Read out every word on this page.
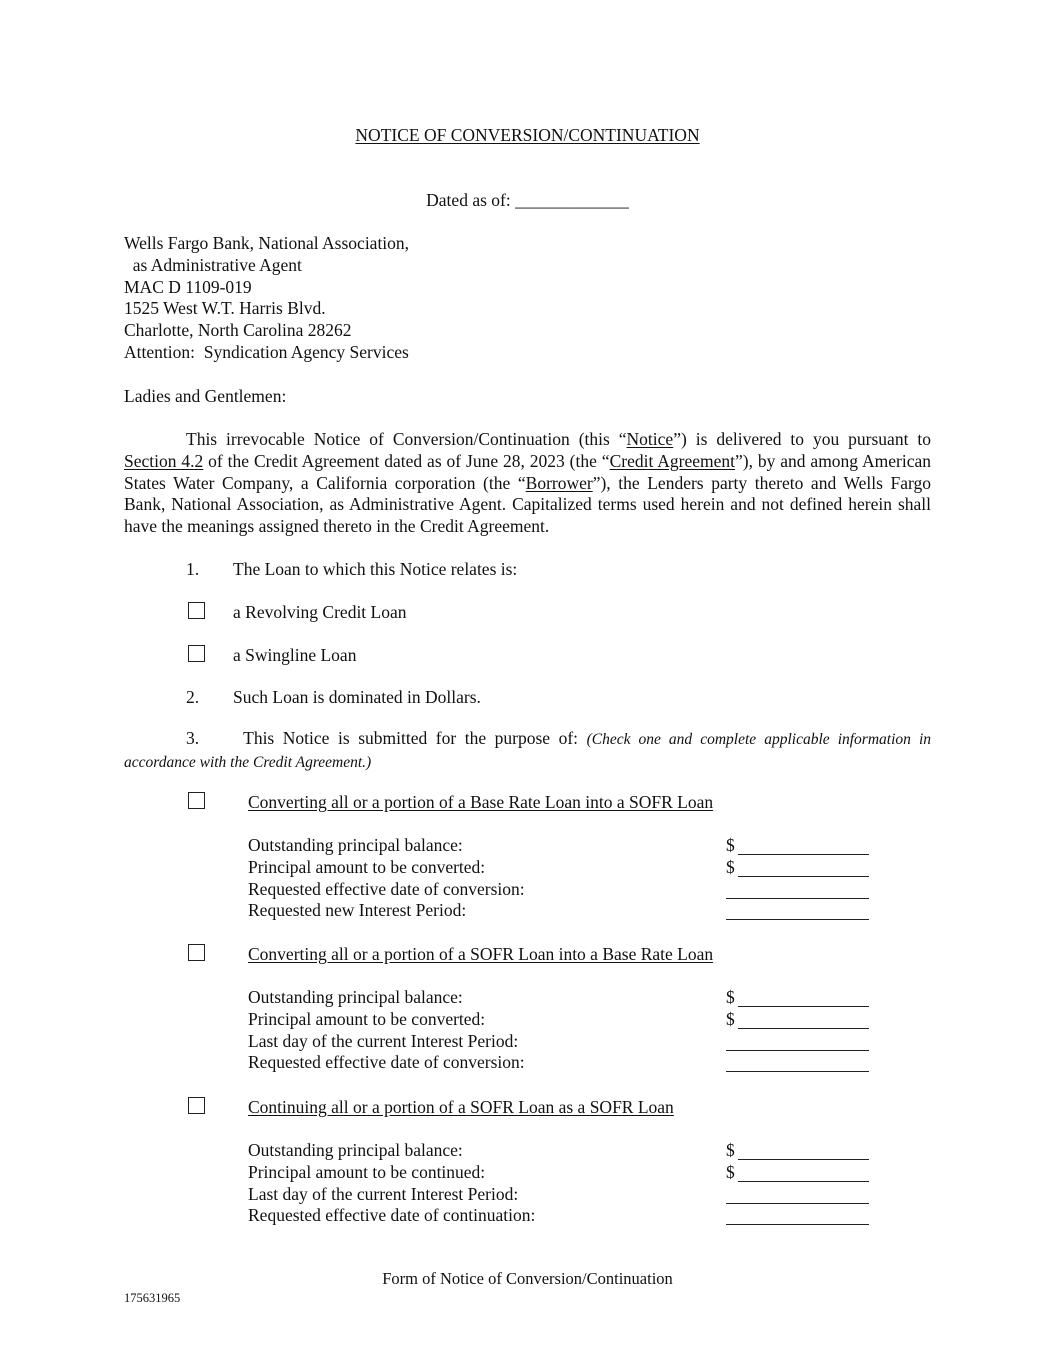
NOTICE OF CONVERSION/CONTINUATION
Dated as of: _____________
Wells Fargo Bank, National Association,
as Administrative Agent
MAC D 1109-019
1525 West W.T. Harris Blvd.
Charlotte, North Carolina 28262
Attention:  Syndication Agency Services
Ladies and Gentlemen:
This irrevocable Notice of Conversion/Continuation (this “Notice”) is delivered to you pursuant to Section 4.2 of the Credit Agreement dated as of June 28, 2023 (the “Credit Agreement”), by and among American States Water Company, a California corporation (the “Borrower”), the Lenders party thereto and Wells Fargo Bank, National Association, as Administrative Agent. Capitalized terms used herein and not defined herein shall have the meanings assigned thereto in the Credit Agreement.
1. The Loan to which this Notice relates is:
a Revolving Credit Loan
a Swingline Loan
2. Such Loan is dominated in Dollars.
3.	This Notice is submitted for the purpose of: (Check one and complete applicable information in accordance with the Credit Agreement.)
Converting all or a portion of a Base Rate Loan into a SOFR Loan
Outstanding principal balance:	$
Principal amount to be converted:	$
Requested effective date of conversion:
Requested new Interest Period:
Converting all or a portion of a SOFR Loan into a Base Rate Loan
Outstanding principal balance:	$
Principal amount to be converted:	$
Last day of the current Interest Period:
Requested effective date of conversion:
Continuing all or a portion of a SOFR Loan as a SOFR Loan
Outstanding principal balance:	$
Principal amount to be continued:	$
Last day of the current Interest Period:
Requested effective date of continuation:
Form of Notice of Conversion/Continuation
175631965
